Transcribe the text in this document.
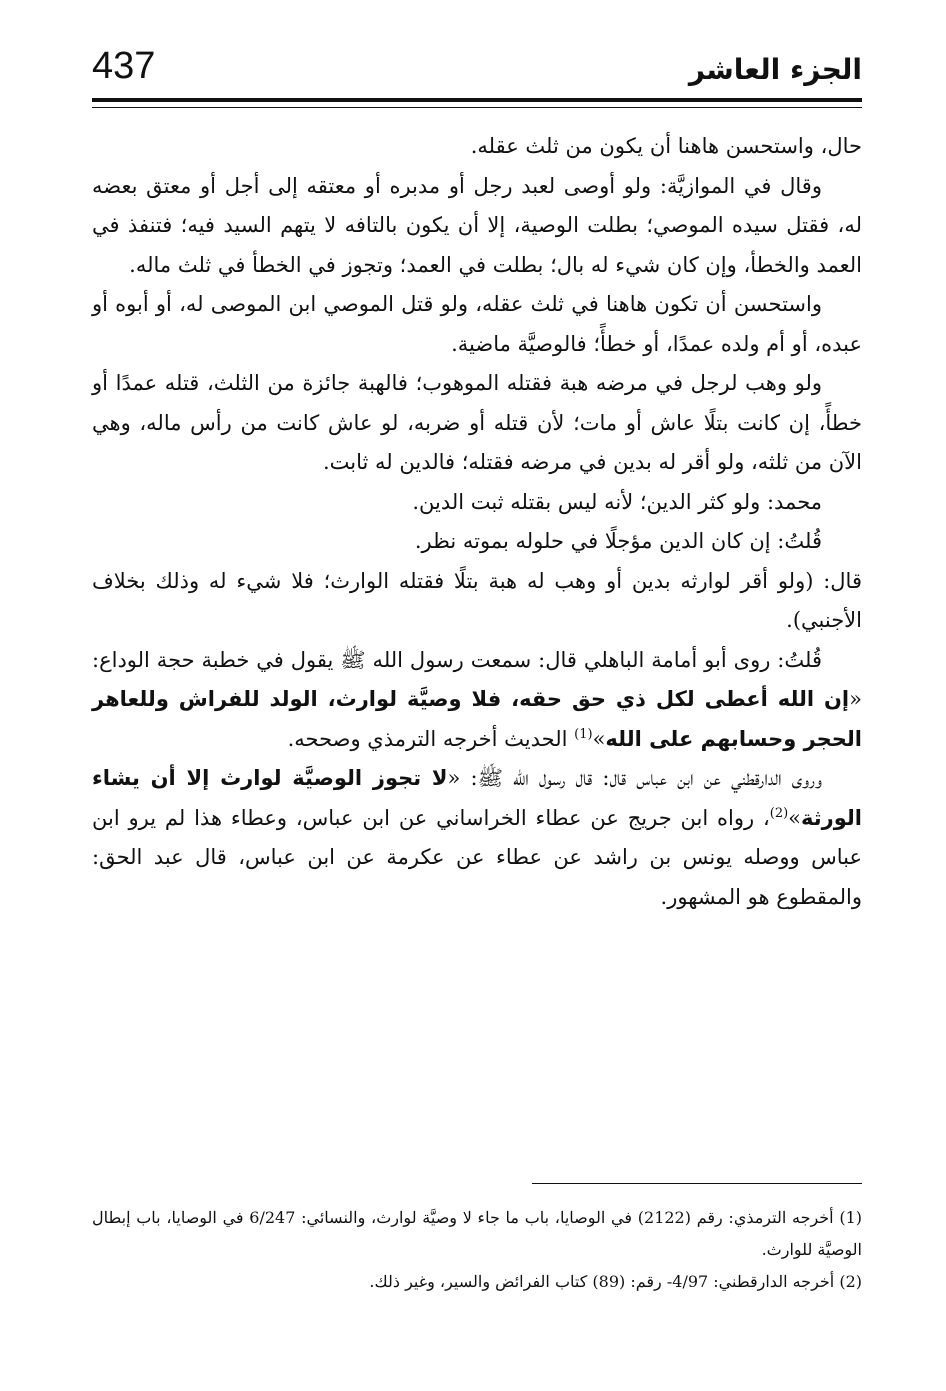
437	الجزء العاشر

حال، واستحسن هاهنا أن يكون من ثلث عقله.

وقال في الموازيَّة: ولو أوصى لعبد رجل أو مدبره أو معتقه إلى أجل أو معتق بعضه له، فقتل سيده الموصي؛ بطلت الوصية، إلا أن يكون بالتافه لا يتهم السيد فيه؛ فتنفذ في العمد والخطأ، وإن كان شيء له بال؛ بطلت في العمد؛ وتجوز في الخطأ في ثلث ماله.

واستحسن أن تكون هاهنا في ثلث عقله، ولو قتل الموصي ابن الموصى له، أو أبوه أو عبده، أو أم ولده عمدًا، أو خطأً؛ فالوصيَّة ماضية.

ولو وهب لرجل في مرضه هبة فقتله الموهوب؛ فالهبة جائزة من الثلث، قتله عمدًا أو خطأً، إن كانت بتلًا عاش أو مات؛ لأن قتله أو ضربه، لو عاش كانت من رأس ماله، وهي الآن من ثلثه، ولو أقر له بدين في مرضه فقتله؛ فالدين له ثابت.

محمد: ولو كثر الدين؛ لأنه ليس بقتله ثبت الدين.

قُلتُ: إن كان الدين مؤجلًا في حلوله بموته نظر.

قال: (ولو أقر لوارثه بدين أو وهب له هبة بتلًا فقتله الوارث؛ فلا شيء له وذلك بخلاف الأجنبي).

قُلتُ: روى أبو أمامة الباهلي قال: سمعت رسول الله ﷺ يقول في خطبة حجة الوداع: «إن الله أعطى لكل ذي حق حقه، فلا وصيَّة لوارث، الولد للفراش وللعاهر الحجر وحسابهم على الله»$^{(1)}$ الحديث أخرجه الترمذي وصححه.

وروى الدارقطني عن ابن عباس قال: قال رسول الله ﷺ: «لا تجوز الوصيَّة لوارث إلا أن يشاء الورثة»$^{(2)}$، رواه ابن جريج عن عطاء الخراساني عن ابن عباس، وعطاء هذا لم يرو ابن عباس ووصله يونس بن راشد عن عطاء عن عكرمة عن ابن عباس، قال عبد الحق: والمقطوع هو المشهور.

(1) أخرجه الترمذي: رقم (2122) في الوصايا، باب ما جاء لا وصيَّة لوارث، والنسائي: 6/247 في الوصايا، باب إبطال الوصيَّة للوارث.

(2) أخرجه الدارقطني: 4/97- رقم: (89) كتاب الفرائض والسير، وغير ذلك.
